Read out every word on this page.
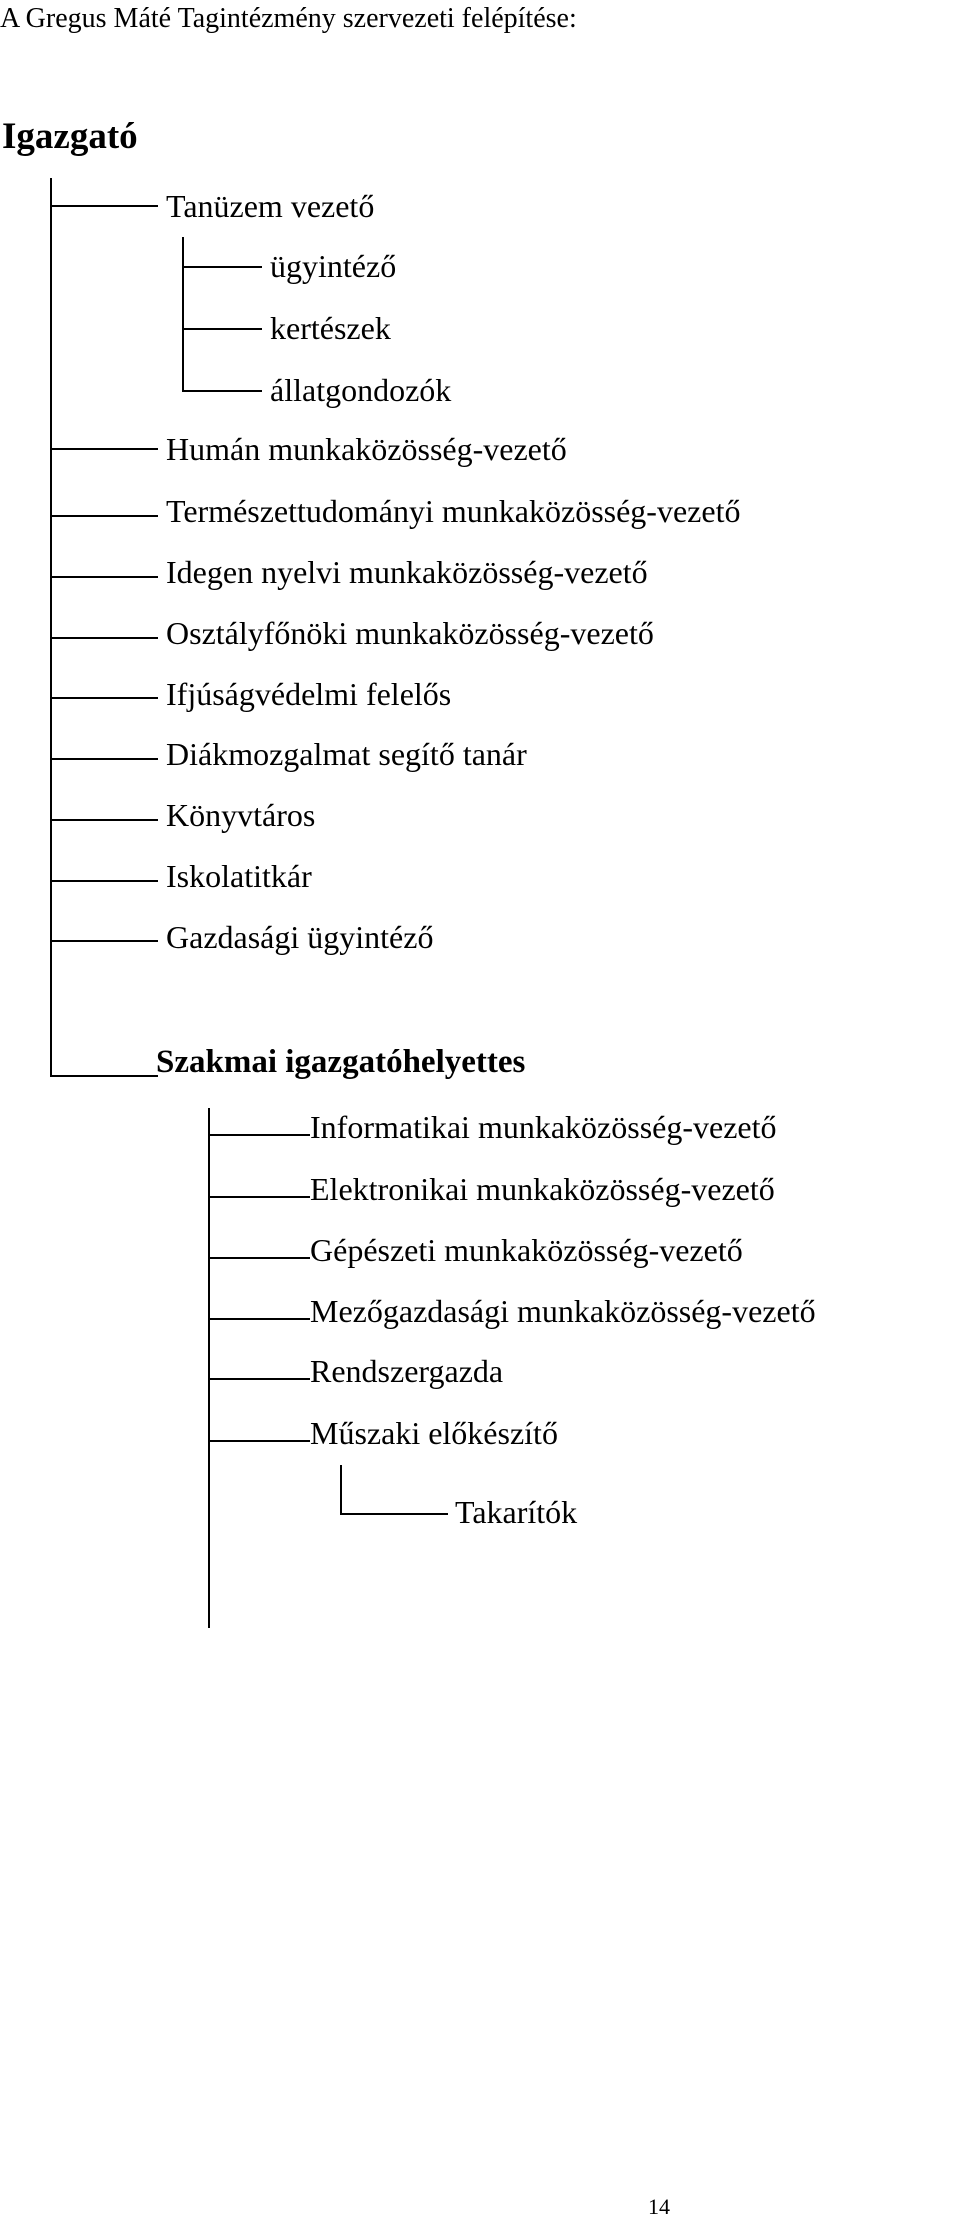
A Gregus Máté Tagintézmény szervezeti felépítése:
Igazgató
Tanüzem vezető
ügyintéző
kertészek
állatgondozók
Humán munkaközösség-vezető
Természettudományi munkaközösség-vezető
Idegen nyelvi munkaközösség-vezető
Osztályfőnöki munkaközösség-vezető
Ifjúságvédelmi felelős
Diákmozgalmat segítő tanár
Könyvtáros
Iskolatitkár
Gazdasági ügyintéző
Szakmai igazgatóhelyettes
Informatikai munkaközösség-vezető
Elektronikai munkaközösség-vezető
Gépészeti munkaközösség-vezető
Mezőgazdasági munkaközösség-vezető
Rendszergazda
Műszaki előkészítő
Takarítók
14
